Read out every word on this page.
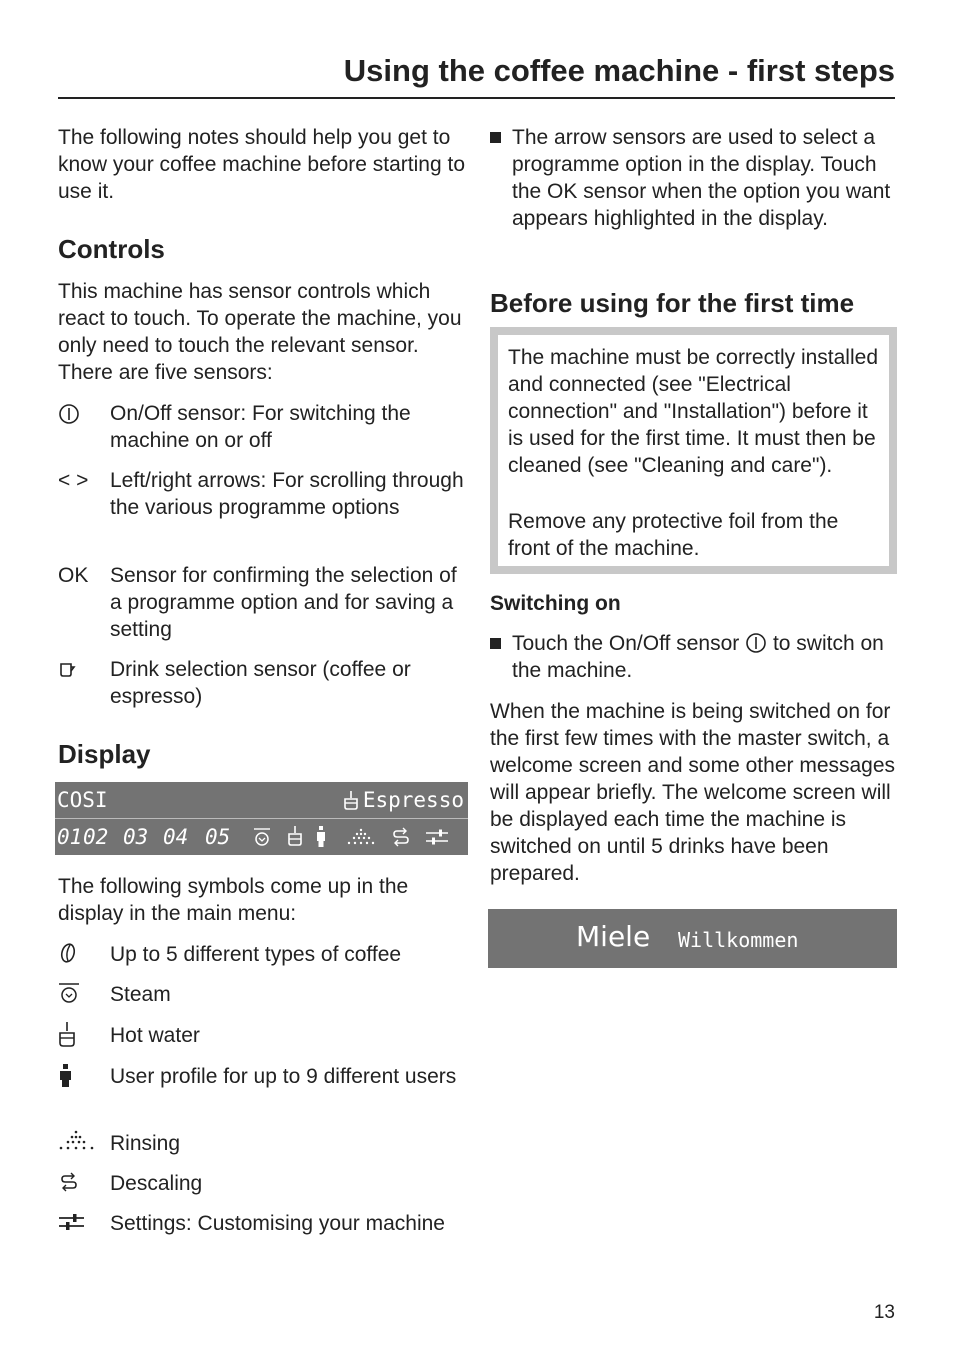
Using the coffee machine - first steps

The following notes should help you get to know your coffee machine before starting to use it.

Controls

This machine has sensor controls which react to touch. To operate the machine, you only need to touch the relevant sensor. There are five sensors:

On/Off sensor: For switching the machine on or off
< >	Left/right arrows: For scrolling through the various programme options
OK	Sensor for confirming the selection of a programme option and for saving a setting
Drink selection sensor (coffee or espresso)
Display
COSI	Espresso
01 02 03 04 05

The following symbols come up in the display in the main menu:

Up to 5 different types of coffee
Steam
Hot water
User profile for up to 9 different users
Rinsing
Descaling
Settings: Customising your machine
The arrow sensors are used to select a programme option in the display. Touch the OK sensor when the option you want appears highlighted in the display.
Before using for the first time

The machine must be correctly installed and connected (see "Electrical connection" and "Installation") before it is used for the first time. It must then be cleaned (see "Cleaning and care").

Remove any protective foil from the front of the machine.

Switching on
Touch the On/Off sensor to switch on the machine.

When the machine is being switched on for the first few times with the master switch, a welcome screen and some other messages will appear briefly. The welcome screen will be displayed each time the machine is switched on until 5 drinks have been prepared.

Miele Willkommen
13
